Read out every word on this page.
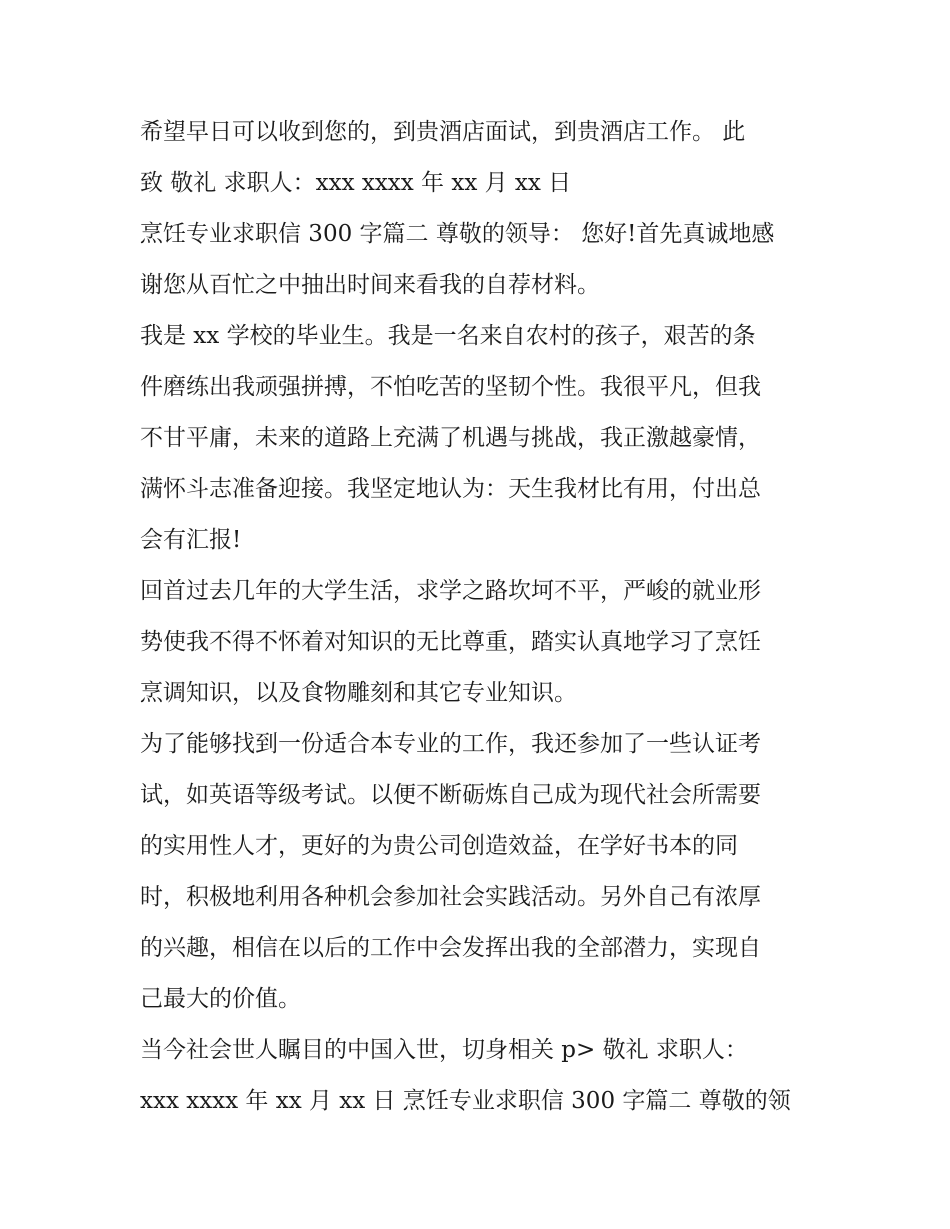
希望早日可以收到您的，到贵酒店面试，到贵酒店工作。 此
致 敬礼 求职人：xxx xxxx 年 xx 月 xx 日
烹饪专业求职信 300 字篇二 尊敬的领导： 您好!首先真诚地感
谢您从百忙之中抽出时间来看我的自荐材料。
我是 xx 学校的毕业生。我是一名来自农村的孩子，艰苦的条
件磨练出我顽强拼搏，不怕吃苦的坚韧个性。我很平凡，但我
不甘平庸，未来的道路上充满了机遇与挑战，我正激越豪情，
满怀斗志准备迎接。我坚定地认为：天生我材比有用，付出总
会有汇报!
回首过去几年的大学生活，求学之路坎坷不平，严峻的就业形
势使我不得不怀着对知识的无比尊重，踏实认真地学习了烹饪
烹调知识，以及食物雕刻和其它专业知识。
为了能够找到一份适合本专业的工作，我还参加了一些认证考
试，如英语等级考试。以便不断砺炼自己成为现代社会所需要
的实用性人才，更好的为贵公司创造效益，在学好书本的同
时，积极地利用各种机会参加社会实践活动。另外自己有浓厚
的兴趣，相信在以后的工作中会发挥出我的全部潜力，实现自
己最大的价值。
当今社会世人瞩目的中国入世，切身相关 p> 敬礼 求职人：
xxx xxxx 年 xx 月 xx 日 烹饪专业求职信 300 字篇二 尊敬的领
